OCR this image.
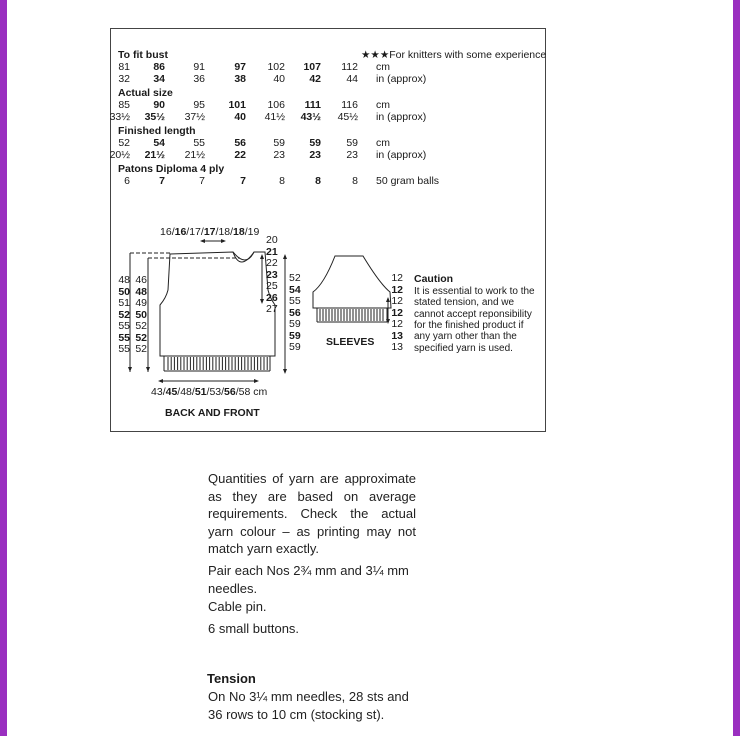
To fit bust
81	86	91	97	102	107	112 cm
32	34	36	38	40	42	44 in (approx)
Actual size
85	90	95	101	106	111	116 cm
33½	35½	37½	40	41½	43½	45½ in (approx)
Finished length
52	54	55	56	59	59	59 cm
20½	21½	21½	22	23	23	23 in (approx)
Patons Diploma 4 ply
6	7	7	7	8	8	8 50 gram balls
★★★For knitters with some experience
16/16/17/17/18/18/19
20
21
22
23
25
26
27
48
50
51
52
55
55
55
46
48
49
50
52
52
52
52
54
55
56
59
59
59
43/45/48/51/53/56/58 cm
BACK AND FRONT
SLEEVES
12
12
12
12
12
13
13
Caution
It is essential to work to the
stated tension, and we
cannot accept reponsibility
for the finished product if
any yarn other than the
specified yarn is used.

Quantities of yarn are approximate as they are based on average requirements. Check the actual yarn colour – as printing may not match yarn exactly.

Pair each Nos 2¾ mm and 3¼ mm needles.

Cable pin.

6 small buttons.

Tension

On No 3¼ mm needles, 28 sts and 36 rows to 10 cm (stocking st).
